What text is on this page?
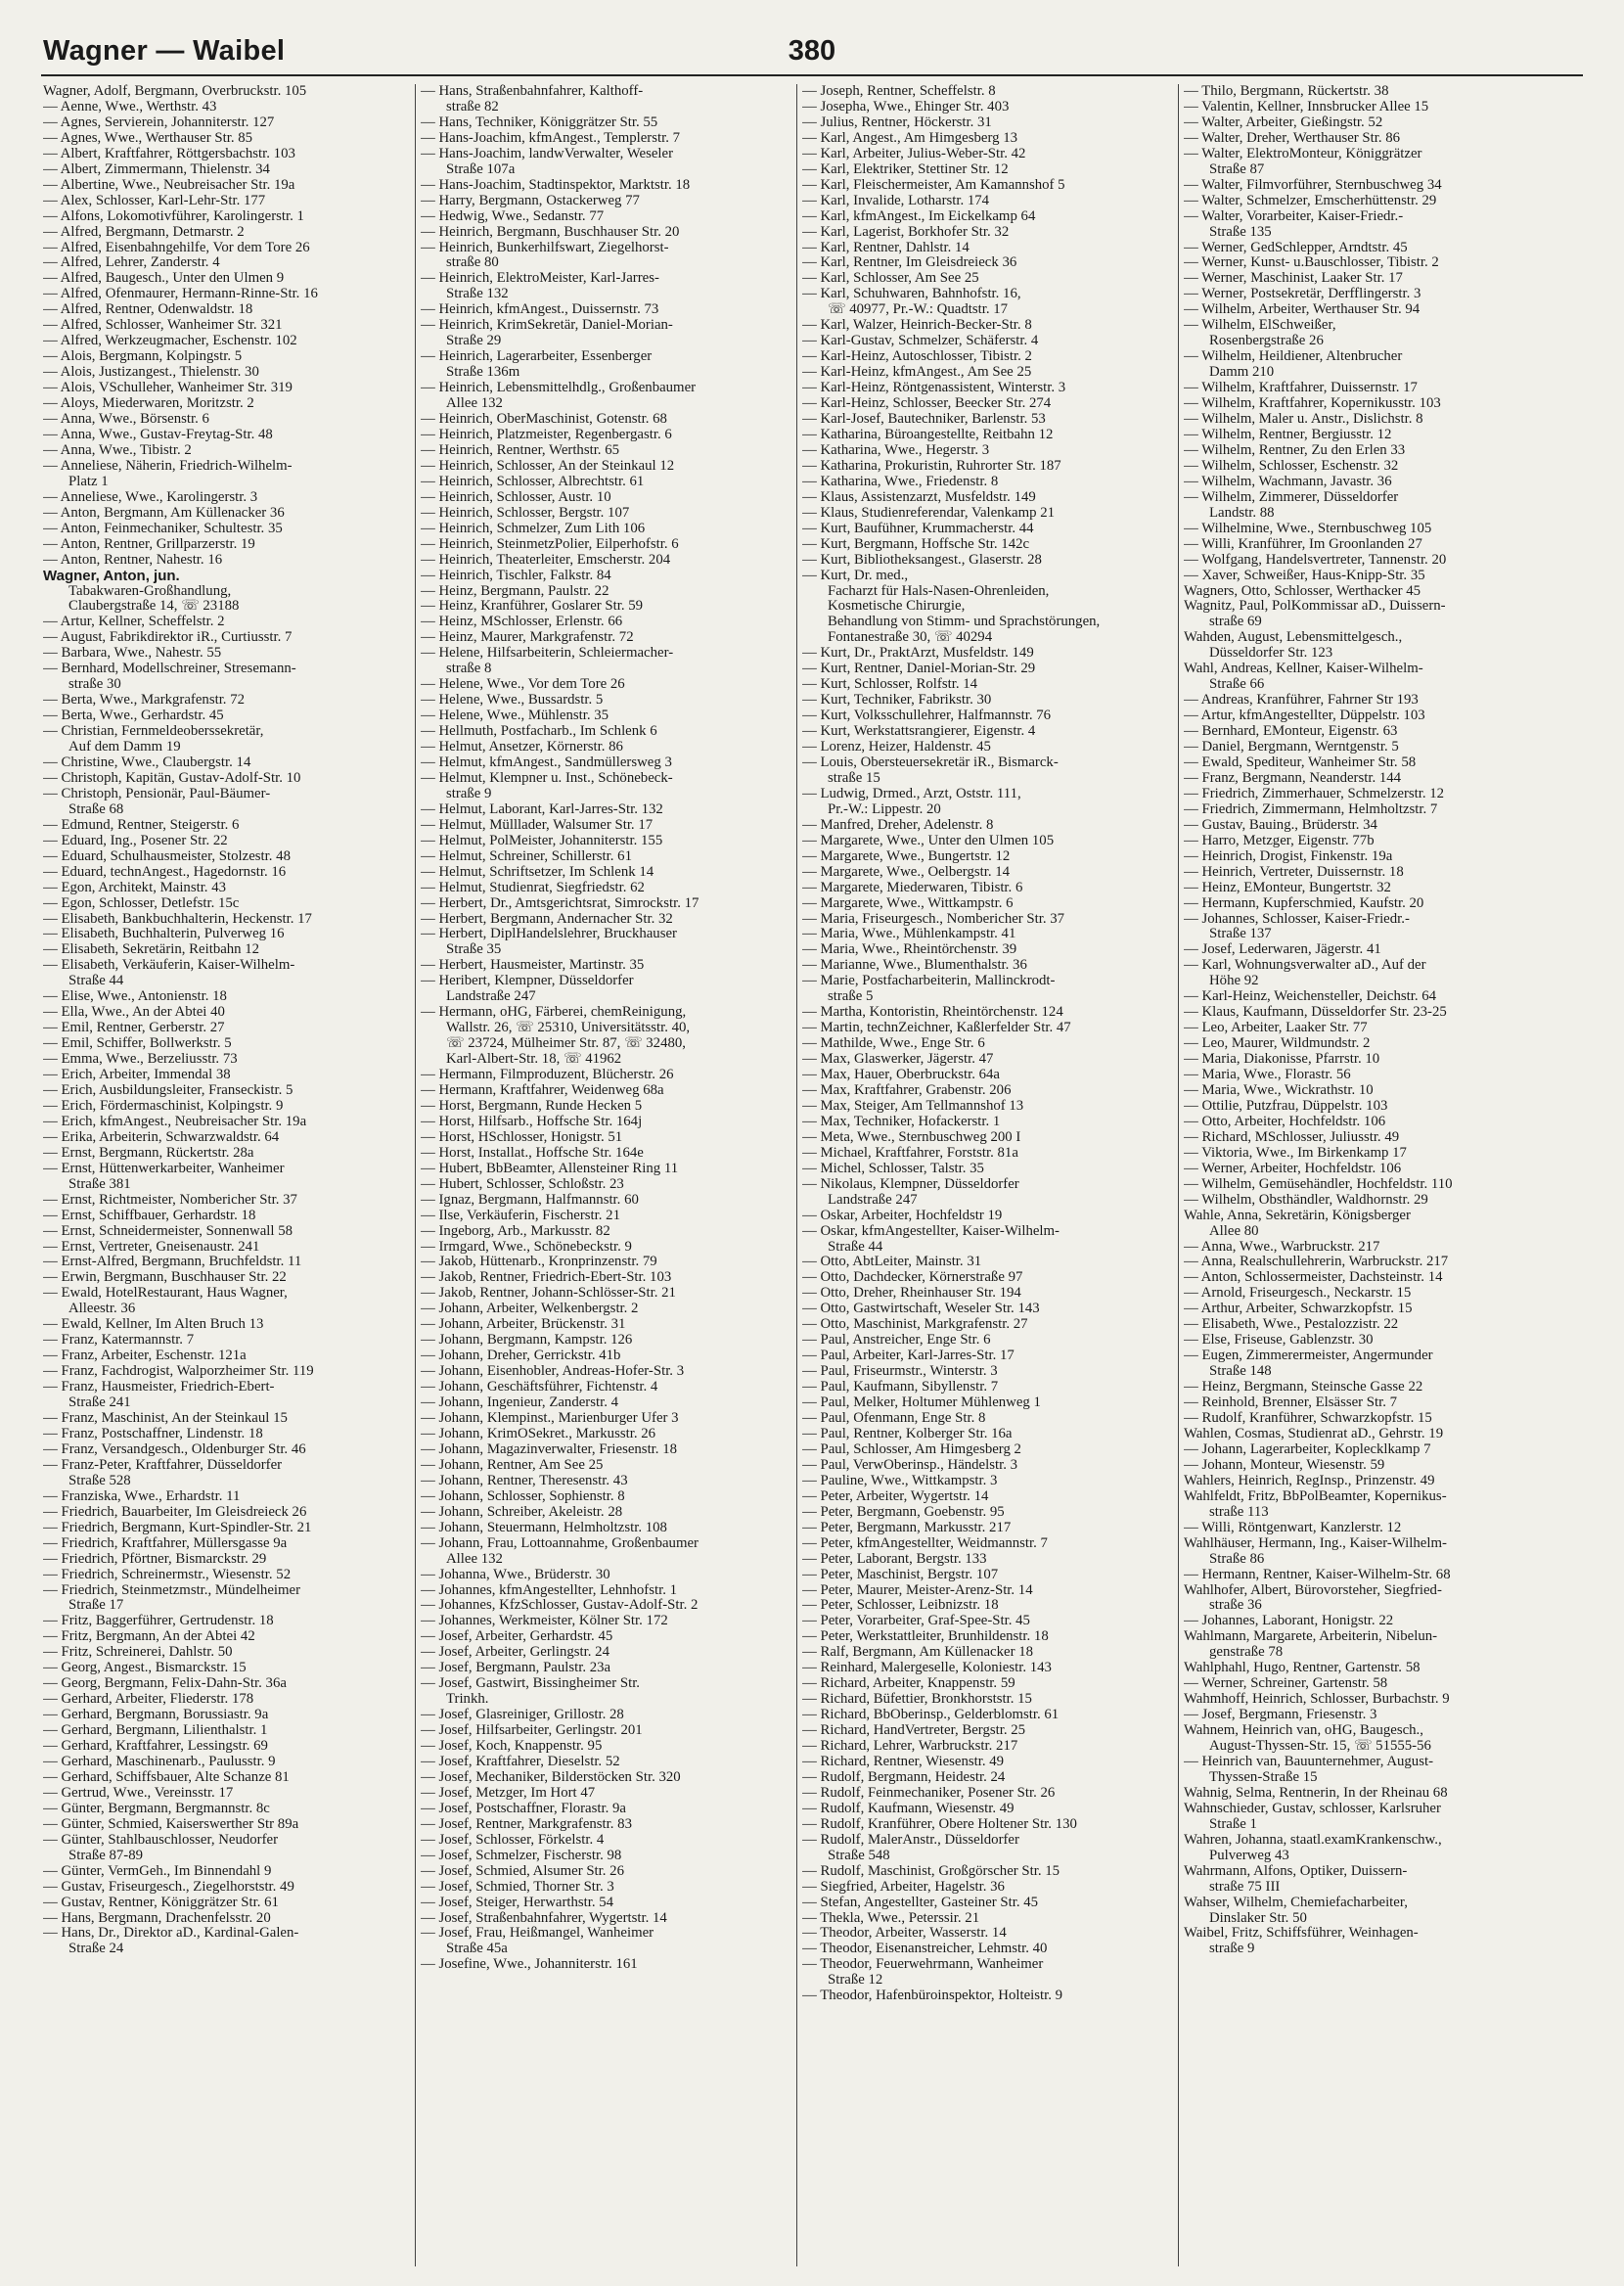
Wagner — Waibel	380
Wagner, Adolf, Bergmann, Overbruckstr. 105
— Aenne, Wwe., Werthstr. 43
— Agnes, Servierein, Johanniterstr. 127
— Agnes, Wwe., Werthauser Str. 85
— Albert, Kraftfahrer, Röttgersbachstr. 103
— Albert, Zimmermann, Thielenstr. 34
— Albertine, Wwe., Neubreisacher Str. 19a
— Alex, Schlosser, Karl-Lehr-Str. 177
— Alfons, Lokomotivführer, Karolingerstr. 1
— Alfred, Bergmann, Detmarstr. 2
— Alfred, Eisenbahngehilfe, Vor dem Tore 26
— Alfred, Lehrer, Zanderstr. 4
— Alfred, Baugesch., Unter den Ulmen 9
— Alfred, Ofenmaurer, Hermann-Rinne-Str. 16
— Alfred, Rentner, Odenwaldstr. 18
— Alfred, Schlosser, Wanheimer Str. 321
— Alfred, Werkzeugmacher, Eschenstr. 102
— Alois, Bergmann, Kolpingstr. 5
— Alois, Justizangest., Thielenstr. 30
— Alois, VSchulleher, Wanheimer Str. 319
— Aloys, Miederwaren, Moritzstr. 2
— Anna, Wwe., Börsenstr. 6
— Anna, Wwe., Gustav-Freytag-Str. 48
— Anna, Wwe., Tibistr. 2
— Anneliese, Näherin, Friedrich-Wilhelm-
Platz 1
— Anneliese, Wwe., Karolingerstr. 3
— Anton, Bergmann, Am Küllenacker 36
— Anton, Feinmechaniker, Schultestr. 35
— Anton, Rentner, Grillparzerstr. 19
— Anton, Rentner, Nahestr. 16
Wagner, Anton, jun.
Tabakwaren-Großhandlung,
Claubergstraße 14, ☏ 23188
— Artur, Kellner, Scheffelstr. 2
— August, Fabrikdirektor iR., Curtiusstr. 7
— Barbara, Wwe., Nahestr. 55
— Bernhard, Modellschreiner, Stresemann-
straße 30
— Berta, Wwe., Markgrafenstr. 72
— Berta, Wwe., Gerhardstr. 45
— Christian, Fernmeldeoberssekretär,
Auf dem Damm 19
— Christine, Wwe., Claubergstr. 14
— Christoph, Kapitän, Gustav-Adolf-Str. 10
— Christoph, Pensionär, Paul-Bäumer-
Straße 68
— Edmund, Rentner, Steigerstr. 6
— Eduard, Ing., Posener Str. 22
— Eduard, Schulhausmeister, Stolzestr. 48
— Eduard, technAngest., Hagedornstr. 16
— Egon, Architekt, Mainstr. 43
— Egon, Schlosser, Detlefstr. 15c
— Elisabeth, Bankbuchhalterin, Heckenstr. 17
— Elisabeth, Buchhalterin, Pulverweg 16
— Elisabeth, Sekretärin, Reitbahn 12
— Elisabeth, Verkäuferin, Kaiser-Wilhelm-
Straße 44
— Elise, Wwe., Antonienstr. 18
— Ella, Wwe., An der Abtei 40
— Emil, Rentner, Gerberstr. 27
— Emil, Schiffer, Bollwerkstr. 5
— Emma, Wwe., Berzeliusstr. 73
— Erich, Arbeiter, Immendal 38
— Erich, Ausbildungsleiter, Franseckistr. 5
— Erich, Fördermaschinist, Kolpingstr. 9
— Erich, kfmAngest., Neubreisacher Str. 19a
— Erika, Arbeiterin, Schwarzwaldstr. 64
— Ernst, Bergmann, Rückertstr. 28a
— Ernst, Hüttenwerkarbeiter, Wanheimer
Straße 381
— Ernst, Richtmeister, Nombericher Str. 37
— Ernst, Schiffbauer, Gerhardstr. 18
— Ernst, Schneidermeister, Sonnenwall 58
— Ernst, Vertreter, Gneisenaustr. 241
— Ernst-Alfred, Bergmann, Bruchfeldstr. 11
— Erwin, Bergmann, Buschhauser Str. 22
— Ewald, HotelRestaurant, Haus Wagner,
Alleestr. 36
— Ewald, Kellner, Im Alten Bruch 13
— Franz, Katermannstr. 7
— Franz, Arbeiter, Eschenstr. 121a
— Franz, Fachdrogist, Walporzheimer Str. 119
— Franz, Hausmeister, Friedrich-Ebert-
Straße 241
— Franz, Maschinist, An der Steinkaul 15
— Franz, Postschaffner, Lindenstr. 18
— Franz, Versandgesch., Oldenburger Str. 46
— Franz-Peter, Kraftfahrer, Düsseldorfer
Straße 528
— Franziska, Wwe., Erhardstr. 11
— Friedrich, Bauarbeiter, Im Gleisdreieck 26
— Friedrich, Bergmann, Kurt-Spindler-Str. 21
— Friedrich, Kraftfahrer, Müllersgasse 9a
— Friedrich, Pförtner, Bismarckstr. 29
— Friedrich, Schreinermstr., Wiesenstr. 52
— Friedrich, Steinmetzmstr., Mündelheimer
Straße 17
— Fritz, Baggerführer, Gertrudenstr. 18
— Fritz, Bergmann, An der Abtei 42
— Fritz, Schreinerei, Dahlstr. 50
— Georg, Angest., Bismarckstr. 15
— Georg, Bergmann, Felix-Dahn-Str. 36a
— Gerhard, Arbeiter, Fliederstr. 178
— Gerhard, Bergmann, Borussiastr. 9a
— Gerhard, Bergmann, Lilienthalstr. 1
— Gerhard, Kraftfahrer, Lessingstr. 69
— Gerhard, Maschinenarb., Paulusstr. 9
— Gerhard, Schiffsbauer, Alte Schanze 81
— Gertrud, Wwe., Vereinsstr. 17
— Günter, Bergmann, Bergmannstr. 8c
— Günter, Schmied, Kaiserswerther Str 89a
— Günter, Stahlbauschlosser, Neudorfer
Straße 87-89
— Günter, VermGeh., Im Binnendahl 9
— Gustav, Friseurgesch., Ziegelhorststr. 49
— Gustav, Rentner, Königgrätzer Str. 61
— Hans, Bergmann, Drachenfelsstr. 20
— Hans, Dr., Direktor aD., Kardinal-Galen-
Straße 24
— Hans, Straßenbahnfahrer, Kalthoff-
straße 82
— Hans, Techniker, Königgrätzer Str. 55
— Hans-Joachim, kfmAngest., Templerstr. 7
— Hans-Joachim, landwVerwalter, Weseler
Straße 107a
— Hans-Joachim, Stadtinspektor, Marktstr. 18
— Harry, Bergmann, Ostackerweg 77
— Hedwig, Wwe., Sedanstr. 77
— Heinrich, Bergmann, Buschhauser Str. 20
— Heinrich, Bunkerhilfswart, Ziegelhorst-
straße 80
— Heinrich, ElektroMeister, Karl-Jarres-
Straße 132
— Heinrich, kfmAngest., Duissernstr. 73
— Heinrich, KrimSekretär, Daniel-Morian-
Straße 29
— Heinrich, Lagerarbeiter, Essenberger
Straße 136m
— Heinrich, Lebensmittelhdlg., Großenbaumer
Allee 132
— Heinrich, OberMaschinist, Gotenstr. 68
— Heinrich, Platzmeister, Regenbergastr. 6
— Heinrich, Rentner, Werthstr. 65
— Heinrich, Schlosser, An der Steinkaul 12
— Heinrich, Schlosser, Albrechtstr. 61
— Heinrich, Schlosser, Austr. 10
— Heinrich, Schlosser, Bergstr. 107
— Heinrich, Schmelzer, Zum Lith 106
— Heinrich, SteinmetzPolier, Eilperhofstr. 6
— Heinrich, Theaterleiter, Emscherstr. 204
— Heinrich, Tischler, Falkstr. 84
— Heinz, Bergmann, Paulstr. 22
— Heinz, Kranführer, Goslarer Str. 59
— Heinz, MSchlosser, Erlenstr. 66
— Heinz, Maurer, Markgrafenstr. 72
— Helene, Hilfsarbeiterin, Schleiermacher-
straße 8
— Helene, Wwe., Vor dem Tore 26
— Helene, Wwe., Bussardstr. 5
— Helene, Wwe., Mühlenstr. 35
— Hellmuth, Postfacharb., Im Schlenk 6
— Helmut, Ansetzer, Körnerstr. 86
— Helmut, kfmAngest., Sandmüllersweg 3
— Helmut, Klempner u. Inst., Schönebeck-
straße 9
— Helmut, Laborant, Karl-Jarres-Str. 132
— Helmut, Mülllader, Walsumer Str. 17
— Helmut, PolMeister, Johanniterstr. 155
— Helmut, Schreiner, Schillerstr. 61
— Helmut, Schriftsetzer, Im Schlenk 14
— Helmut, Studienrat, Siegfriedstr. 62
— Herbert, Dr., Amtsgerichtsrat, Simrockstr. 17
— Herbert, Bergmann, Andernacher Str. 32
— Herbert, DiplHandelslehrer, Bruckhauser
Straße 35
— Herbert, Hausmeister, Martinstr. 35
— Heribert, Klempner, Düsseldorfer
Landstraße 247
— Hermann, oHG, Färberei, chemReinigung,
Wallstr. 26, ☏ 25310, Universitätsstr. 40,
☏ 23724, Mülheimer Str. 87, ☏ 32480,
Karl-Albert-Str. 18, ☏ 41962
— Hermann, Filmproduzent, Blücherstr. 26
— Hermann, Kraftfahrer, Weidenweg 68a
— Horst, Bergmann, Runde Hecken 5
— Horst, Hilfsarb., Hoffsche Str. 164j
— Horst, HSchlosser, Honigstr. 51
— Horst, Installat., Hoffsche Str. 164e
— Hubert, BbBeamter, Allensteiner Ring 11
— Hubert, Schlosser, Schloßstr. 23
— Ignaz, Bergmann, Halfmannstr. 60
— Ilse, Verkäuferin, Fischerstr. 21
— Ingeborg, Arb., Markusstr. 82
— Irmgard, Wwe., Schönebeckstr. 9
— Jakob, Hüttenarb., Kronprinzenstr. 79
— Jakob, Rentner, Friedrich-Ebert-Str. 103
— Jakob, Rentner, Johann-Schlösser-Str. 21
— Johann, Arbeiter, Welkenbergstr. 2
— Johann, Arbeiter, Brückenstr. 31
— Johann, Bergmann, Kampstr. 126
— Johann, Dreher, Gerrickstr. 41b
— Johann, Eisenhobler, Andreas-Hofer-Str. 3
— Johann, Geschäftsführer, Fichtenstr. 4
— Johann, Ingenieur, Zanderstr. 4
— Johann, Klempinst., Marienburger Ufer 3
— Johann, KrimOSekret., Markusstr. 26
— Johann, Magazinverwalter, Friesenstr. 18
— Johann, Rentner, Am See 25
— Johann, Rentner, Theresenstr. 43
— Johann, Schlosser, Sophienstr. 8
— Johann, Schreiber, Akeleistr. 28
— Johann, Steuermann, Helmholtzstr. 108
— Johann, Frau, Lottoannahme, Großenbaumer
Allee 132
— Johanna, Wwe., Brüderstr. 30
— Johannes, kfmAngestellter, Lehnhofstr. 1
— Johannes, KfzSchlosser, Gustav-Adolf-Str. 2
— Johannes, Werkmeister, Kölner Str. 172
— Josef, Arbeiter, Gerhardstr. 45
— Josef, Arbeiter, Gerlingstr. 24
— Josef, Bergmann, Paulstr. 23a
— Josef, Gastwirt, Bissingheimer Str.
Trinkh.
— Josef, Glasreiniger, Grillostr. 28
— Josef, Hilfsarbeiter, Gerlingstr. 201
— Josef, Koch, Knappenstr. 95
— Josef, Kraftfahrer, Dieselstr. 52
— Josef, Mechaniker, Bilderstöcken Str. 320
— Josef, Metzger, Im Hort 47
— Josef, Postschaffner, Florastr. 9a
— Josef, Rentner, Markgrafenstr. 83
— Josef, Schlosser, Förkelstr. 4
— Josef, Schmelzer, Fischerstr. 98
— Josef, Schmied, Alsumer Str. 26
— Josef, Schmied, Thorner Str. 3
— Josef, Steiger, Herwarthstr. 54
— Josef, Straßenbahnfahrer, Wygertstr. 14
— Josef, Frau, Heißmangel, Wanheimer
Straße 45a
— Josefine, Wwe., Johanniterstr. 161
— Joseph, Rentner, Scheffelstr. 8
— Josepha, Wwe., Ehinger Str. 403
— Julius, Rentner, Höckerstr. 31
— Karl, Angest., Am Himgesberg 13
— Karl, Arbeiter, Julius-Weber-Str. 42
— Karl, Elektriker, Stettiner Str. 12
— Karl, Fleischermeister, Am Kamannshof 5
— Karl, Invalide, Lotharstr. 174
— Karl, kfmAngest., Im Eickelkamp 64
— Karl, Lagerist, Borkhofer Str. 32
— Karl, Rentner, Dahlstr. 14
— Karl, Rentner, Im Gleisdreieck 36
— Karl, Schlosser, Am See 25
— Karl, Schuhwaren, Bahnhofstr. 16,
☏ 40977, Pr.-W.: Quadtstr. 17
— Karl, Walzer, Heinrich-Becker-Str. 8
— Karl-Gustav, Schmelzer, Schäferstr. 4
— Karl-Heinz, Autoschlosser, Tibistr. 2
— Karl-Heinz, kfmAngest., Am See 25
— Karl-Heinz, Röntgenassistent, Winterstr. 3
— Karl-Heinz, Schlosser, Beecker Str. 274
— Karl-Josef, Bautechniker, Barlenstr. 53
— Katharina, Büroangestellte, Reitbahn 12
— Katharina, Wwe., Hegerstr. 3
— Katharina, Prokuristin, Ruhrorter Str. 187
— Katharina, Wwe., Friedenstr. 8
— Klaus, Assistenzarzt, Musfeldstr. 149
— Klaus, Studienreferendar, Valenkamp 21
— Kurt, Baufühner, Krummacherstr. 44
— Kurt, Bergmann, Hoffsche Str. 142c
— Kurt, Bibliotheksangest., Glaserstr. 28
— Kurt, Dr. med.,
Facharzt für Hals-Nasen-Ohrenleiden,
Kosmetische Chirurgie,
Behandlung von Stimm- und Sprachstörungen,
Fontanestraße 30, ☏ 40294
— Kurt, Dr., PraktArzt, Musfeldstr. 149
— Kurt, Rentner, Daniel-Morian-Str. 29
— Kurt, Schlosser, Rolfstr. 14
— Kurt, Techniker, Fabrikstr. 30
— Kurt, Volksschullehrer, Halfmannstr. 76
— Kurt, Werkstattsrangierer, Eigenstr. 4
— Lorenz, Heizer, Haldenstr. 45
— Louis, Obersteuersekretär iR., Bismarck-
straße 15
— Ludwig, Drmed., Arzt, Oststr. 111,
Pr.-W.: Lippestr. 20
— Manfred, Dreher, Adelenstr. 8
— Margarete, Wwe., Unter den Ulmen 105
— Margarete, Wwe., Bungertstr. 12
— Margarete, Wwe., Oelbergstr. 14
— Margarete, Miederwaren, Tibistr. 6
— Margarete, Wwe., Wittkampstr. 6
— Maria, Friseurgesch., Nombericher Str. 37
— Maria, Wwe., Mühlenkampstr. 41
— Maria, Wwe., Rheintörchenstr. 39
— Marianne, Wwe., Blumenthalstr. 36
— Marie, Postfacharbeiterin, Mallinckrodt-
straße 5
— Martha, Kontoristin, Rheintörchenstr. 124
— Martin, technZeichner, Kaßlerfelder Str. 47
— Mathilde, Wwe., Enge Str. 6
— Max, Glaswerker, Jägerstr. 47
— Max, Hauer, Oberbruckstr. 64a
— Max, Kraftfahrer, Grabenstr. 206
— Max, Steiger, Am Tellmannshof 13
— Max, Techniker, Hofackerstr. 1
— Meta, Wwe., Sternbuschweg 200 I
— Michael, Kraftfahrer, Forststr. 81a
— Michel, Schlosser, Talstr. 35
— Nikolaus, Klempner, Düsseldorfer
Landstraße 247
— Oskar, Arbeiter, Hochfeldstr 19
— Oskar, kfmAngestellter, Kaiser-Wilhelm-
Straße 44
— Otto, AbtLeiter, Mainstr. 31
— Otto, Dachdecker, Körnerstraße 97
— Otto, Dreher, Rheinhauser Str. 194
— Otto, Gastwirtschaft, Weseler Str. 143
— Otto, Maschinist, Markgrafenstr. 27
— Paul, Anstreicher, Enge Str. 6
— Paul, Arbeiter, Karl-Jarres-Str. 17
— Paul, Friseurmstr., Winterstr. 3
— Paul, Kaufmann, Sibyllenstr. 7
— Paul, Melker, Holtumer Mühlenweg 1
— Paul, Ofenmann, Enge Str. 8
— Paul, Rentner, Kolberger Str. 16a
— Paul, Schlosser, Am Himgesberg 2
— Paul, VerwOberinsp., Händelstr. 3
— Pauline, Wwe., Wittkampstr. 3
— Peter, Arbeiter, Wygertstr. 14
— Peter, Bergmann, Goebenstr. 95
— Peter, Bergmann, Markusstr. 217
— Peter, kfmAngestellter, Weidmannstr. 7
— Peter, Laborant, Bergstr. 133
— Peter, Maschinist, Bergstr. 107
— Peter, Maurer, Meister-Arenz-Str. 14
— Peter, Schlosser, Leibnizstr. 18
— Peter, Vorarbeiter, Graf-Spee-Str. 45
— Peter, Werkstattleiter, Brunhildenstr. 18
— Ralf, Bergmann, Am Küllenacker 18
— Reinhard, Malergeselle, Koloniestr. 143
— Richard, Arbeiter, Knappenstr. 59
— Richard, Büfettier, Bronkhorststr. 15
— Richard, BbOberinsp., Gelderblomstr. 61
— Richard, HandVertreter, Bergstr. 25
— Richard, Lehrer, Warbruckstr. 217
— Richard, Rentner, Wiesenstr. 49
— Rudolf, Bergmann, Heidestr. 24
— Rudolf, Feinmechaniker, Posener Str. 26
— Rudolf, Kaufmann, Wiesenstr. 49
— Rudolf, Kranführer, Obere Holtener Str. 130
— Rudolf, MalerAnstr., Düsseldorfer
Straße 548
— Rudolf, Maschinist, Großgörscher Str. 15
— Siegfried, Arbeiter, Hagelstr. 36
— Stefan, Angestellter, Gasteiner Str. 45
— Thekla, Wwe., Peterssir. 21
— Theodor, Arbeiter, Wasserstr. 14
— Theodor, Eisenanstreicher, Lehmstr. 40
— Theodor, Feuerwehrmann, Wanheimer
Straße 12
— Theodor, Hafenbüroinspektor, Holteistr. 9
— Thilo, Bergmann, Rückertstr. 38
— Valentin, Kellner, Innsbrucker Allee 15
— Walter, Arbeiter, Gießingstr. 52
— Walter, Dreher, Werthauser Str. 86
— Walter, ElektroMonteur, Königgrätzer
Straße 87
— Walter, Filmvorführer, Sternbuschweg 34
— Walter, Schmelzer, Emscherhüttenstr. 29
— Walter, Vorarbeiter, Kaiser-Friedr.-
Straße 135
— Werner, GedSchlepper, Arndtstr. 45
— Werner, Kunst- u.Bauschlosser, Tibistr. 2
— Werner, Maschinist, Laaker Str. 17
— Werner, Postsekretär, Derfflingerstr. 3
— Wilhelm, Arbeiter, Werthauser Str. 94
— Wilhelm, ElSchweißer,
Rosenbergstraße 26
— Wilhelm, Heildiener, Altenbrucher
Damm 210
— Wilhelm, Kraftfahrer, Duissernstr. 17
— Wilhelm, Kraftfahrer, Kopernikusstr. 103
— Wilhelm, Maler u. Anstr., Dislichstr. 8
— Wilhelm, Rentner, Bergiusstr. 12
— Wilhelm, Rentner, Zu den Erlen 33
— Wilhelm, Schlosser, Eschenstr. 32
— Wilhelm, Wachmann, Javastr. 36
— Wilhelm, Zimmerer, Düsseldorfer
Landstr. 88
— Wilhelmine, Wwe., Sternbuschweg 105
— Willi, Kranführer, Im Groonlanden 27
— Wolfgang, Handelsvertreter, Tannenstr. 20
— Xaver, Schweißer, Haus-Knipp-Str. 35
Wagners, Otto, Schlosser, Werthacker 45
Wagnitz, Paul, PolKommissar aD., Duissern-
straße 69
Wahden, August, Lebensmittelgesch.,
Düsseldorfer Str. 123
Wahl, Andreas, Kellner, Kaiser-Wilhelm-
Straße 66
— Andreas, Kranführer, Fahrner Str 193
— Artur, kfmAngestellter, Düppelstr. 103
— Bernhard, EMonteur, Eigenstr. 63
— Daniel, Bergmann, Werntgenstr. 5
— Ewald, Spediteur, Wanheimer Str. 58
— Franz, Bergmann, Neanderstr. 144
— Friedrich, Zimmerhauer, Schmelzerstr. 12
— Friedrich, Zimmermann, Helmholtzstr. 7
— Gustav, Bauing., Brüderstr. 34
— Harro, Metzger, Eigenstr. 77b
— Heinrich, Drogist, Finkenstr. 19a
— Heinrich, Vertreter, Duissernstr. 18
— Heinz, EMonteur, Bungertstr. 32
— Hermann, Kupferschmied, Kaufstr. 20
— Johannes, Schlosser, Kaiser-Friedr.-
Straße 137
— Josef, Lederwaren, Jägerstr. 41
— Karl, Wohnungsverwalter aD., Auf der
Höhe 92
— Karl-Heinz, Weichensteller, Deichstr. 64
— Klaus, Kaufmann, Düsseldorfer Str. 23-25
— Leo, Arbeiter, Laaker Str. 77
— Leo, Maurer, Wildmundstr. 2
— Maria, Diakonisse, Pfarrstr. 10
— Maria, Wwe., Florastr. 56
— Maria, Wwe., Wickrathstr. 10
— Ottilie, Putzfrau, Düppelstr. 103
— Otto, Arbeiter, Hochfeldstr. 106
— Richard, MSchlosser, Juliusstr. 49
— Viktoria, Wwe., Im Birkenkamp 17
— Werner, Arbeiter, Hochfeldstr. 106
— Wilhelm, Gemüsehändler, Hochfeldstr. 110
— Wilhelm, Obsthändler, Waldhornstr. 29
Wahle, Anna, Sekretärin, Königsberger
Allee 80
— Anna, Wwe., Warbruckstr. 217
— Anna, Realschullehrerin, Warbruckstr. 217
— Anton, Schlossermeister, Dachsteinstr. 14
— Arnold, Friseurgesch., Neckarstr. 15
— Arthur, Arbeiter, Schwarzkopfstr. 15
— Elisabeth, Wwe., Pestalozzistr. 22
— Else, Friseuse, Gablenzstr. 30
— Eugen, Zimmerermeister, Angermunder
Straße 148
— Heinz, Bergmann, Steinsche Gasse 22
— Reinhold, Brenner, Elsässer Str. 7
— Rudolf, Kranführer, Schwarzkopfstr. 15
Wahlen, Cosmas, Studienrat aD., Gehrstr. 19
— Johann, Lagerarbeiter, Koplecklkamp 7
— Johann, Monteur, Wiesenstr. 59
Wahlers, Heinrich, RegInsp., Prinzenstr. 49
Wahlfeldt, Fritz, BbPolBeamter, Kopernikus-
straße 113
— Willi, Röntgenwart, Kanzlerstr. 12
Wahlhäuser, Hermann, Ing., Kaiser-Wilhelm-
Straße 86
— Hermann, Rentner, Kaiser-Wilhelm-Str. 68
Wahlhofer, Albert, Bürovorsteher, Siegfried-
straße 36
— Johannes, Laborant, Honigstr. 22
Wahlmann, Margarete, Arbeiterin, Nibelun-
genstraße 78
Wahlphahl, Hugo, Rentner, Gartenstr. 58
— Werner, Schreiner, Gartenstr. 58
Wahmhoff, Heinrich, Schlosser, Burbachstr. 9
— Josef, Bergmann, Friesenstr. 3
Wahnem, Heinrich van, oHG, Baugesch.,
August-Thyssen-Str. 15, ☏ 51555-56
— Heinrich van, Bauunternehmer, August-
Thyssen-Straße 15
Wahnig, Selma, Rentnerin, In der Rheinau 68
Wahnschieder, Gustav, schlosser, Karlsruher
Straße 1
Wahren, Johanna, staatl.examKrankenschw.,
Pulverweg 43
Wahrmann, Alfons, Optiker, Duissern-
straße 75 III
Wahser, Wilhelm, Chemiefacharbeiter,
Dinslaker Str. 50
Waibel, Fritz, Schiffsführer, Weinhagen-
straße 9
